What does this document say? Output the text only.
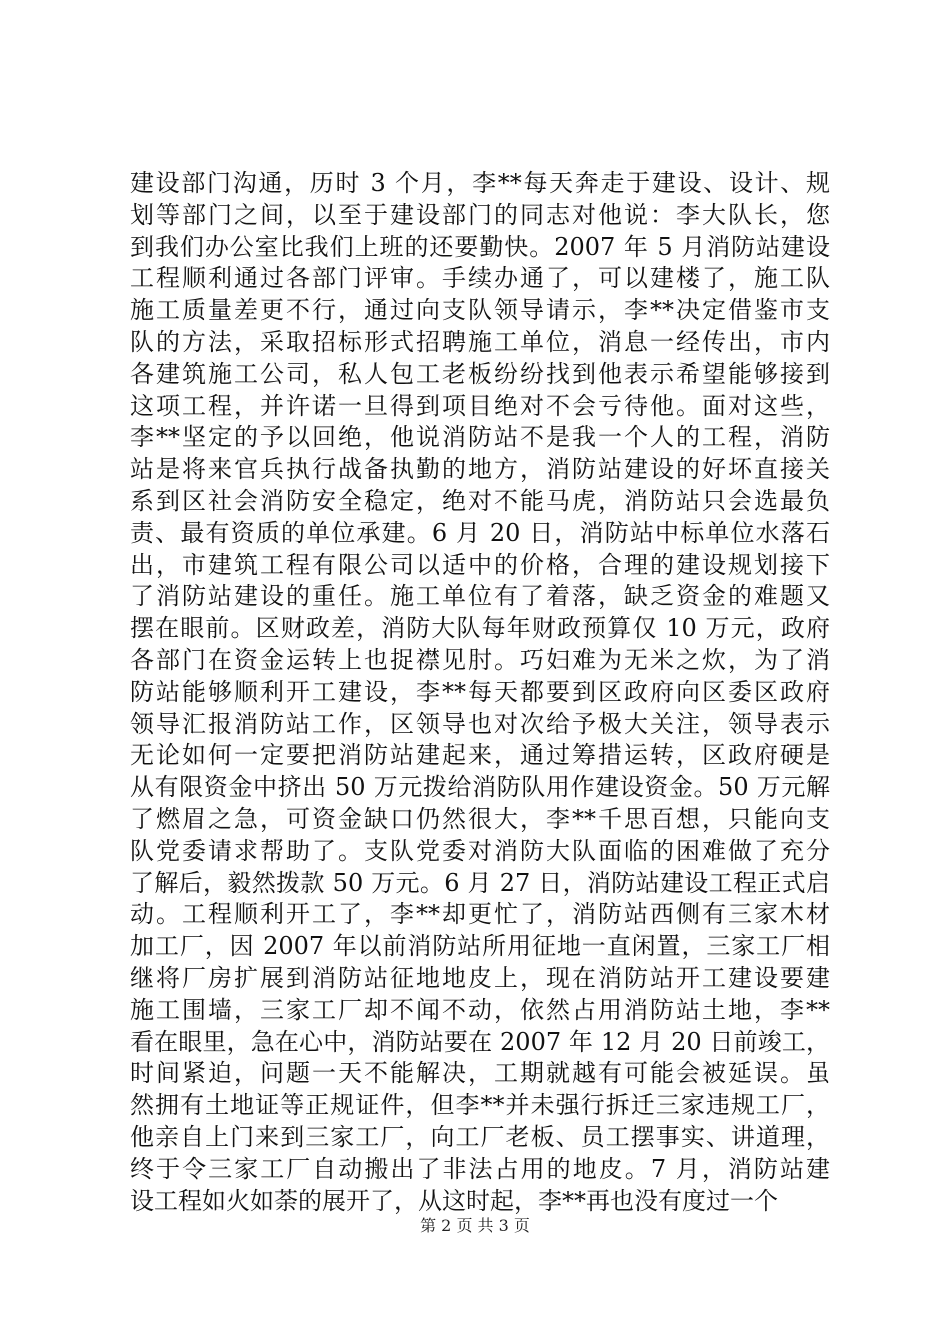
建设部门沟通，历时 3 个月，李**每天奔走于建设、设计、规
划等部门之间，以至于建设部门的同志对他说：李大队长，您
到我们办公室比我们上班的还要勤快。2007 年 5 月消防站建设
工程顺利通过各部门评审。手续办通了，可以建楼了，施工队
施工质量差更不行，通过向支队领导请示，李**决定借鉴市支
队的方法，采取招标形式招聘施工单位，消息一经传出，市内
各建筑施工公司，私人包工老板纷纷找到他表示希望能够接到
这项工程，并许诺一旦得到项目绝对不会亏待他。面对这些，
李**坚定的予以回绝，他说消防站不是我一个人的工程，消防
站是将来官兵执行战备执勤的地方，消防站建设的好坏直接关
系到区社会消防安全稳定，绝对不能马虎，消防站只会选最负
责、最有资质的单位承建。6 月 20 日，消防站中标单位水落石
出，市建筑工程有限公司以适中的价格，合理的建设规划接下
了消防站建设的重任。施工单位有了着落，缺乏资金的难题又
摆在眼前。区财政差，消防大队每年财政预算仅 10 万元，政府
各部门在资金运转上也捉襟见肘。巧妇难为无米之炊，为了消
防站能够顺利开工建设，李**每天都要到区政府向区委区政府
领导汇报消防站工作，区领导也对次给予极大关注，领导表示
无论如何一定要把消防站建起来，通过筹措运转，区政府硬是
从有限资金中挤出 50 万元拨给消防队用作建设资金。50 万元解
了燃眉之急，可资金缺口仍然很大，李**千思百想，只能向支
队党委请求帮助了。支队党委对消防大队面临的困难做了充分
了解后，毅然拨款 50 万元。6 月 27 日，消防站建设工程正式启
动。工程顺利开工了，李**却更忙了，消防站西侧有三家木材
加工厂，因 2007 年以前消防站所用征地一直闲置，三家工厂相
继将厂房扩展到消防站征地地皮上，现在消防站开工建设要建
施工围墙，三家工厂却不闻不动，依然占用消防站土地，李**
看在眼里，急在心中，消防站要在 2007 年 12 月 20 日前竣工，
时间紧迫，问题一天不能解决，工期就越有可能会被延误。虽
然拥有土地证等正规证件，但李**并未强行拆迁三家违规工厂，
他亲自上门来到三家工厂，向工厂老板、员工摆事实、讲道理，
终于令三家工厂自动搬出了非法占用的地皮。7 月，消防站建
设工程如火如荼的展开了，从这时起，李**再也没有度过一个
第 2 页 共 3 页
